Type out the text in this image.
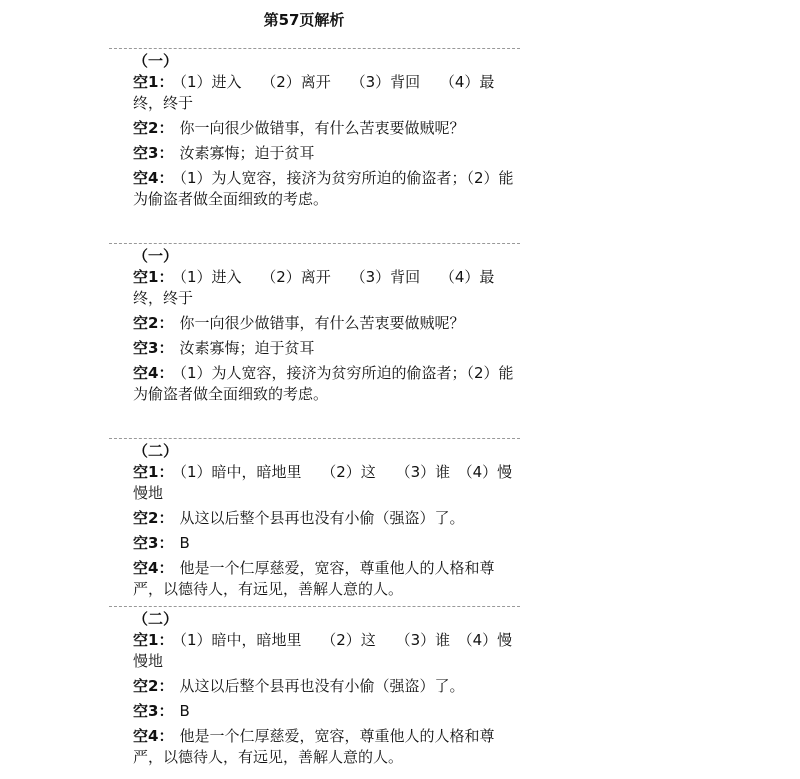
第57页解析
（一）
空1： （1）进入　 （2）离开　 （3）背回　 （4）最终，终于
空2： 你一向很少做错事，有什么苦衷要做贼呢？
空3： 汝素寡悔；迫于贫耳
空4： （1）为人宽容，接济为贫穷所迫的偷盗者；（2）能为偷盗者做全面细致的考虑。
（一）
空1： （1）进入　 （2）离开　 （3）背回　 （4）最终，终于
空2： 你一向很少做错事，有什么苦衷要做贼呢？
空3： 汝素寡悔；迫于贫耳
空4： （1）为人宽容，接济为贫穷所迫的偷盗者；（2）能为偷盗者做全面细致的考虑。
（二）
空1： （1）暗中，暗地里　 （2）这　 （3）谁　（4）慢慢地
空2： 从这以后整个县再也没有小偷（强盗）了。
空3： B
空4： 他是一个仁厚慈爱，宽容，尊重他人的人格和尊严，以德待人，有远见，善解人意的人。
（二）
空1： （1）暗中，暗地里　 （2）这　 （3）谁　（4）慢慢地
空2： 从这以后整个县再也没有小偷（强盗）了。
空3： B
空4： 他是一个仁厚慈爱，宽容，尊重他人的人格和尊严，以德待人，有远见，善解人意的人。
